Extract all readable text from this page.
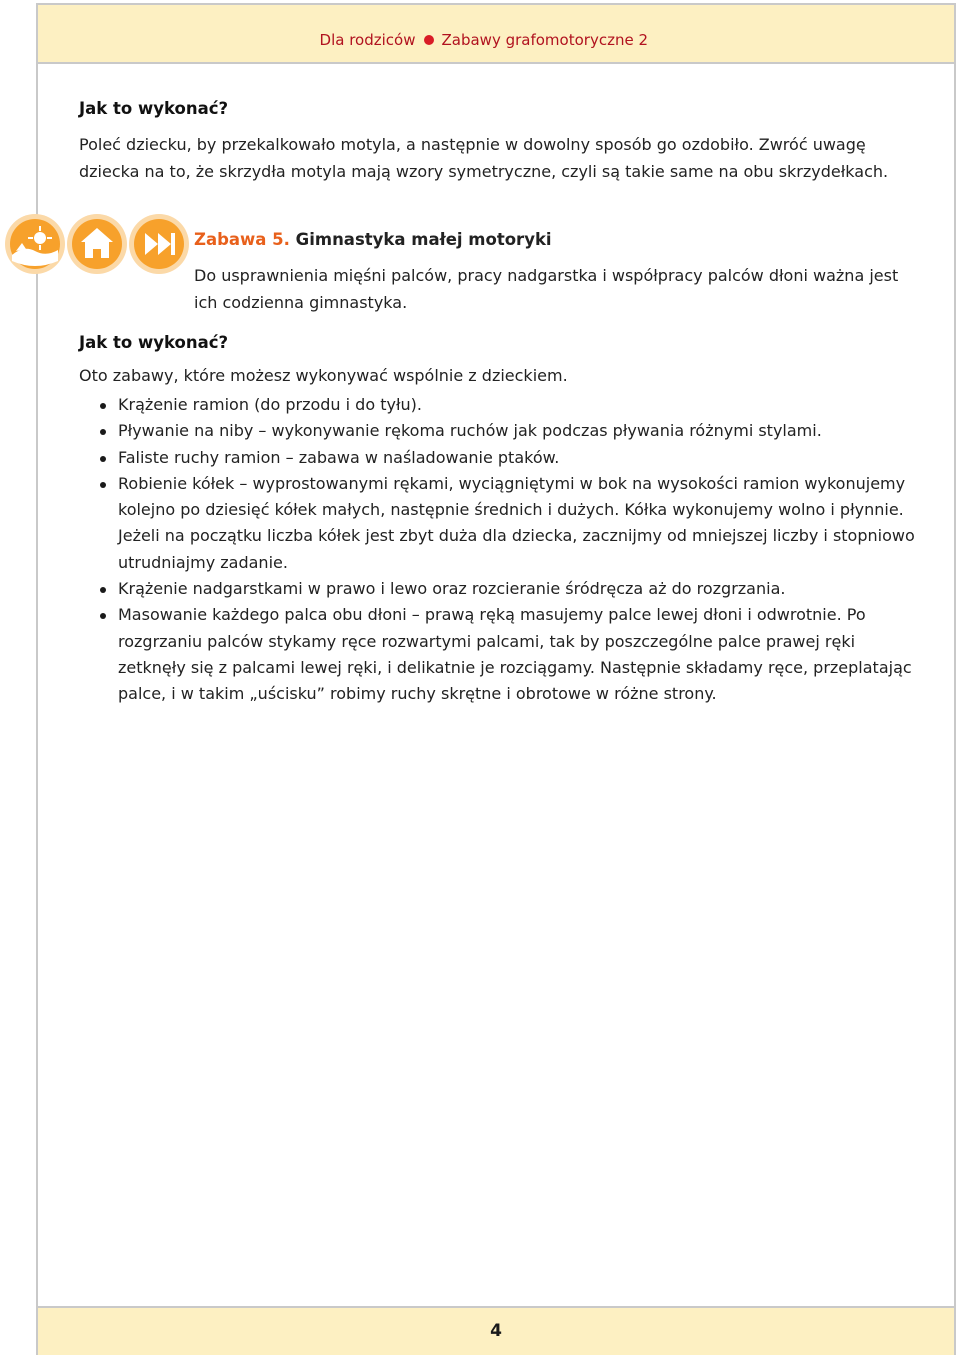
Dla rodziców Zabawy grafomotoryczne 2
Jak to wykonać?
Poleć dziecku, by przekalkowało motyla, a następnie w dowolny sposób go ozdobiło. Zwróć uwagę dziecka na to, że skrzydła motyla mają wzory symetryczne, czyli są takie same na obu skrzydełkach.
Zabawa 5. Gimnastyka małej motoryki
Do usprawnienia mięśni palców, pracy nadgarstka i współpracy palców dłoni ważna jest ich codzienna gimnastyka.
Jak to wykonać?
Oto zabawy, które możesz wykonywać wspólnie z dzieckiem.
Krążenie ramion (do przodu i do tyłu).
Pływanie na niby – wykonywanie rękoma ruchów jak podczas pływania różnymi stylami.
Faliste ruchy ramion – zabawa w naśladowanie ptaków.
Robienie kółek – wyprostowanymi rękami, wyciągniętymi w bok na wysokości ramion wykonujemy kolejno po dziesięć kółek małych, następnie średnich i dużych. Kółka wykonujemy wolno i płynnie. Jeżeli na początku liczba kółek jest zbyt duża dla dziecka, zacznijmy od mniejszej liczby i stopniowo utrudniajmy zadanie.
Krążenie nadgarstkami w prawo i lewo oraz rozcieranie śródręcza aż do rozgrzania.
Masowanie każdego palca obu dłoni – prawą ręką masujemy palce lewej dłoni i odwrotnie. Po rozgrzaniu palców stykamy ręce rozwartymi palcami, tak by poszczególne palce prawej ręki zetknęły się z palcami lewej ręki, i delikatnie je rozciągamy. Następnie składamy ręce, przeplatając palce, i w takim „uścisku” robimy ruchy skrętne i obrotowe w różne strony.
4
